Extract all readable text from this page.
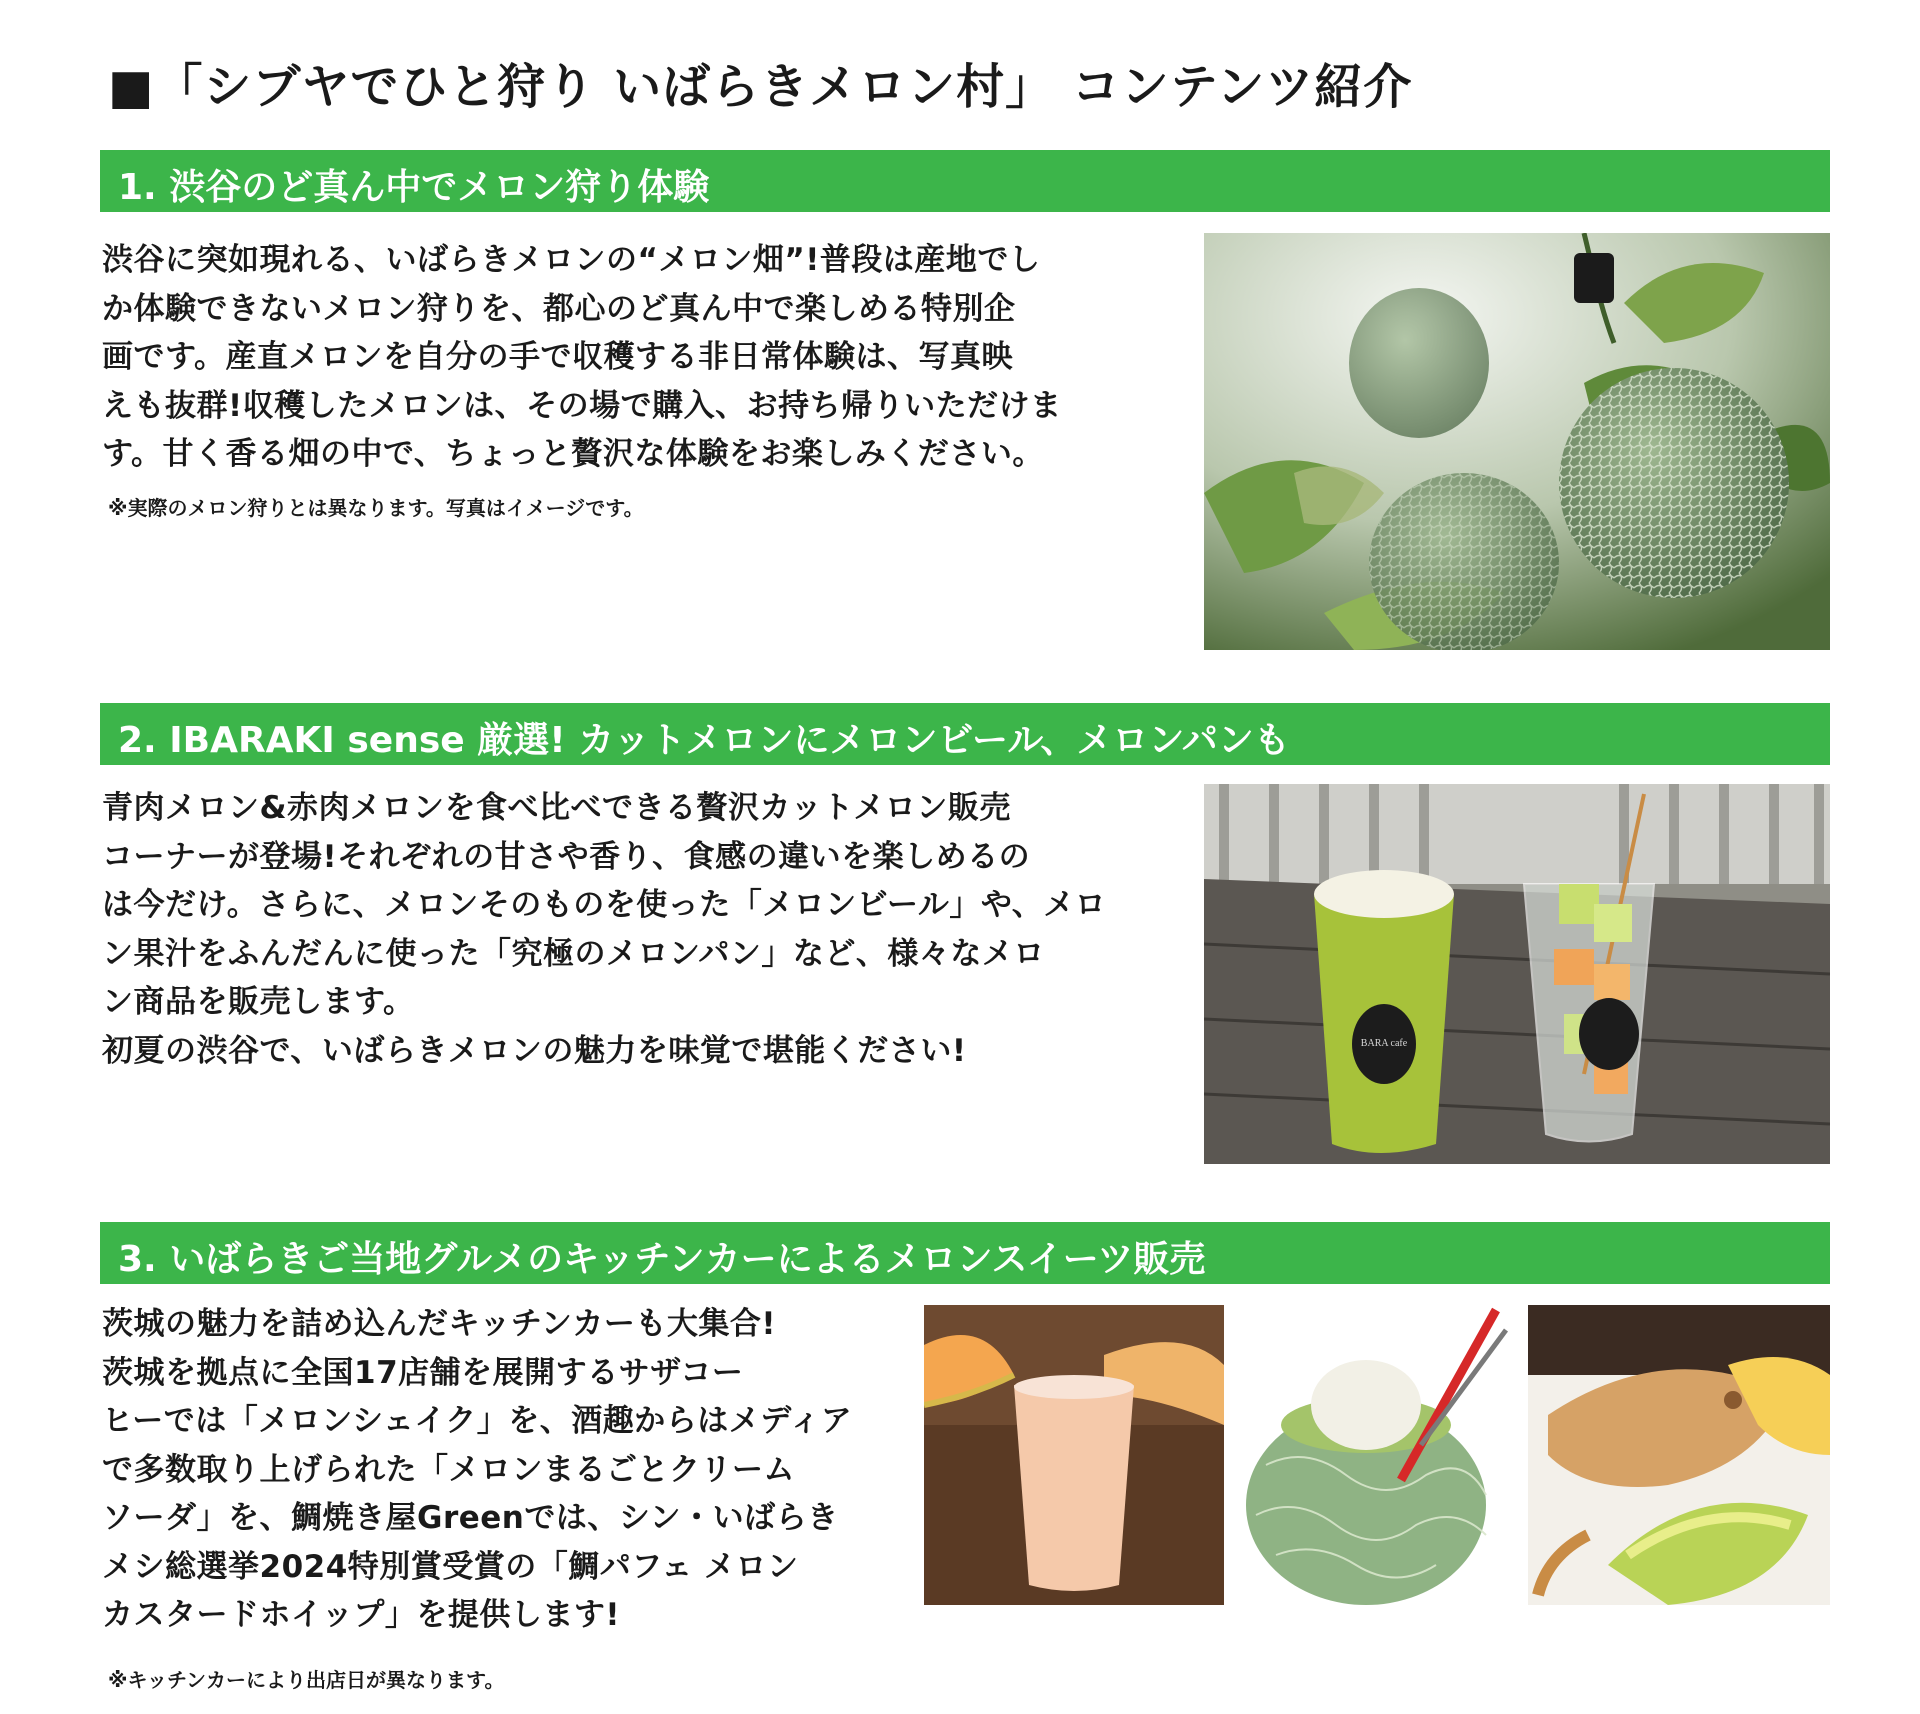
■「シブヤでひと狩り いばらきメロン村」 コンテンツ紹介
1. 渋谷のど真ん中でメロン狩り体験
渋谷に突如現れる、いばらきメロンの“メロン畑”!普段は産地でし
か体験できないメロン狩りを、都心のど真ん中で楽しめる特別企
画です。産直メロンを自分の手で収穫する非日常体験は、写真映
えも抜群!収穫したメロンは、その場で購入、お持ち帰りいただけま
す。甘く香る畑の中で、ちょっと贅沢な体験をお楽しみください。
※実際のメロン狩りとは異なります。写真はイメージです。
2. IBARAKI sense 厳選! カットメロンにメロンビール、メロンパンも
青肉メロン&赤肉メロンを食べ比べできる贅沢カットメロン販売
コーナーが登場!それぞれの甘さや香り、食感の違いを楽しめるの
は今だけ。さらに、メロンそのものを使った「メロンビール」や、メロ
ン果汁をふんだんに使った「究極のメロンパン」など、様々なメロ
ン商品を販売します。
初夏の渋谷で、いばらきメロンの魅力を味覚で堪能ください!	BARA cafe
3. いばらきご当地グルメのキッチンカーによるメロンスイーツ販売
茨城の魅力を詰め込んだキッチンカーも大集合!
茨城を拠点に全国17店舗を展開するサザコー
ヒーでは「メロンシェイク」を、酒趣からはメディア
で多数取り上げられた「メロンまるごとクリーム
ソーダ」を、鯛焼き屋Greenでは、シン・いばらき
メシ総選挙2024特別賞受賞の「鯛パフェ メロン
カスタードホイップ」を提供します!
※キッチンカーにより出店日が異なります。
